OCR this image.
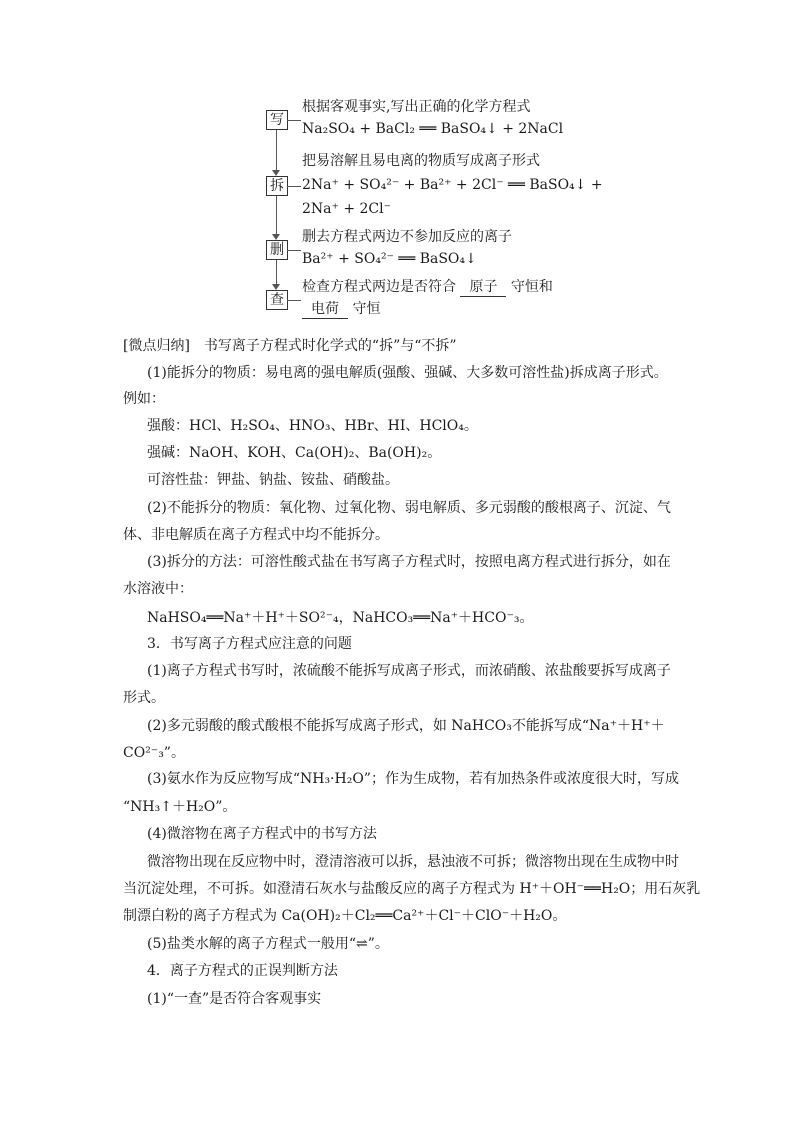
写
拆
删
查
根据客观事实,写出正确的化学方程式
Na₂SO₄ + BaCl₂ ══ BaSO₄↓ + 2NaCl
把易溶解且易电离的物质写成离子形式
2Na⁺ + SO₄²⁻ + Ba²⁺ + 2Cl⁻ ══ BaSO₄↓ +
2Na⁺ + 2Cl⁻
删去方程式两边不参加反应的离子
Ba²⁺ + SO₄²⁻ ══ BaSO₄↓
检查方程式两边是否符合 原子 守恒和
电荷 守恒
[微点归纳]　书写离子方程式时化学式的“拆”与“不拆”
(1)能拆分的物质：易电离的强电解质(强酸、强碱、大多数可溶性盐)拆成离子形式。
例如：
强酸：HCl、H₂SO₄、HNO₃、HBr、HI、HClO₄。
强碱：NaOH、KOH、Ca(OH)₂、Ba(OH)₂。
可溶性盐：钾盐、钠盐、铵盐、硝酸盐。
(2)不能拆分的物质：氧化物、过氧化物、弱电解质、多元弱酸的酸根离子、沉淀、气
体、非电解质在离子方程式中均不能拆分。
(3)拆分的方法：可溶性酸式盐在书写离子方程式时，按照电离方程式进行拆分，如在
水溶液中：
NaHSO₄══Na⁺＋H⁺＋SO²⁻₄，NaHCO₃══Na⁺＋HCO⁻₃。
3．书写离子方程式应注意的问题
(1)离子方程式书写时，浓硫酸不能拆写成离子形式，而浓硝酸、浓盐酸要拆写成离子
形式。
(2)多元弱酸的酸式酸根不能拆写成离子形式，如 NaHCO₃不能拆写成“Na⁺＋H⁺＋
CO²⁻₃”。
(3)氨水作为反应物写成“NH₃·H₂O”；作为生成物，若有加热条件或浓度很大时，写成
“NH₃↑＋H₂O”。
(4)微溶物在离子方程式中的书写方法
微溶物出现在反应物中时，澄清溶液可以拆，悬浊液不可拆；微溶物出现在生成物中时
当沉淀处理，不可拆。如澄清石灰水与盐酸反应的离子方程式为 H⁺＋OH⁻══H₂O；用石灰乳
制漂白粉的离子方程式为 Ca(OH)₂＋Cl₂══Ca²⁺＋Cl⁻＋ClO⁻＋H₂O。
(5)盐类水解的离子方程式一般用“⇌”。
4．离子方程式的正误判断方法
(1)“一查”是否符合客观事实
